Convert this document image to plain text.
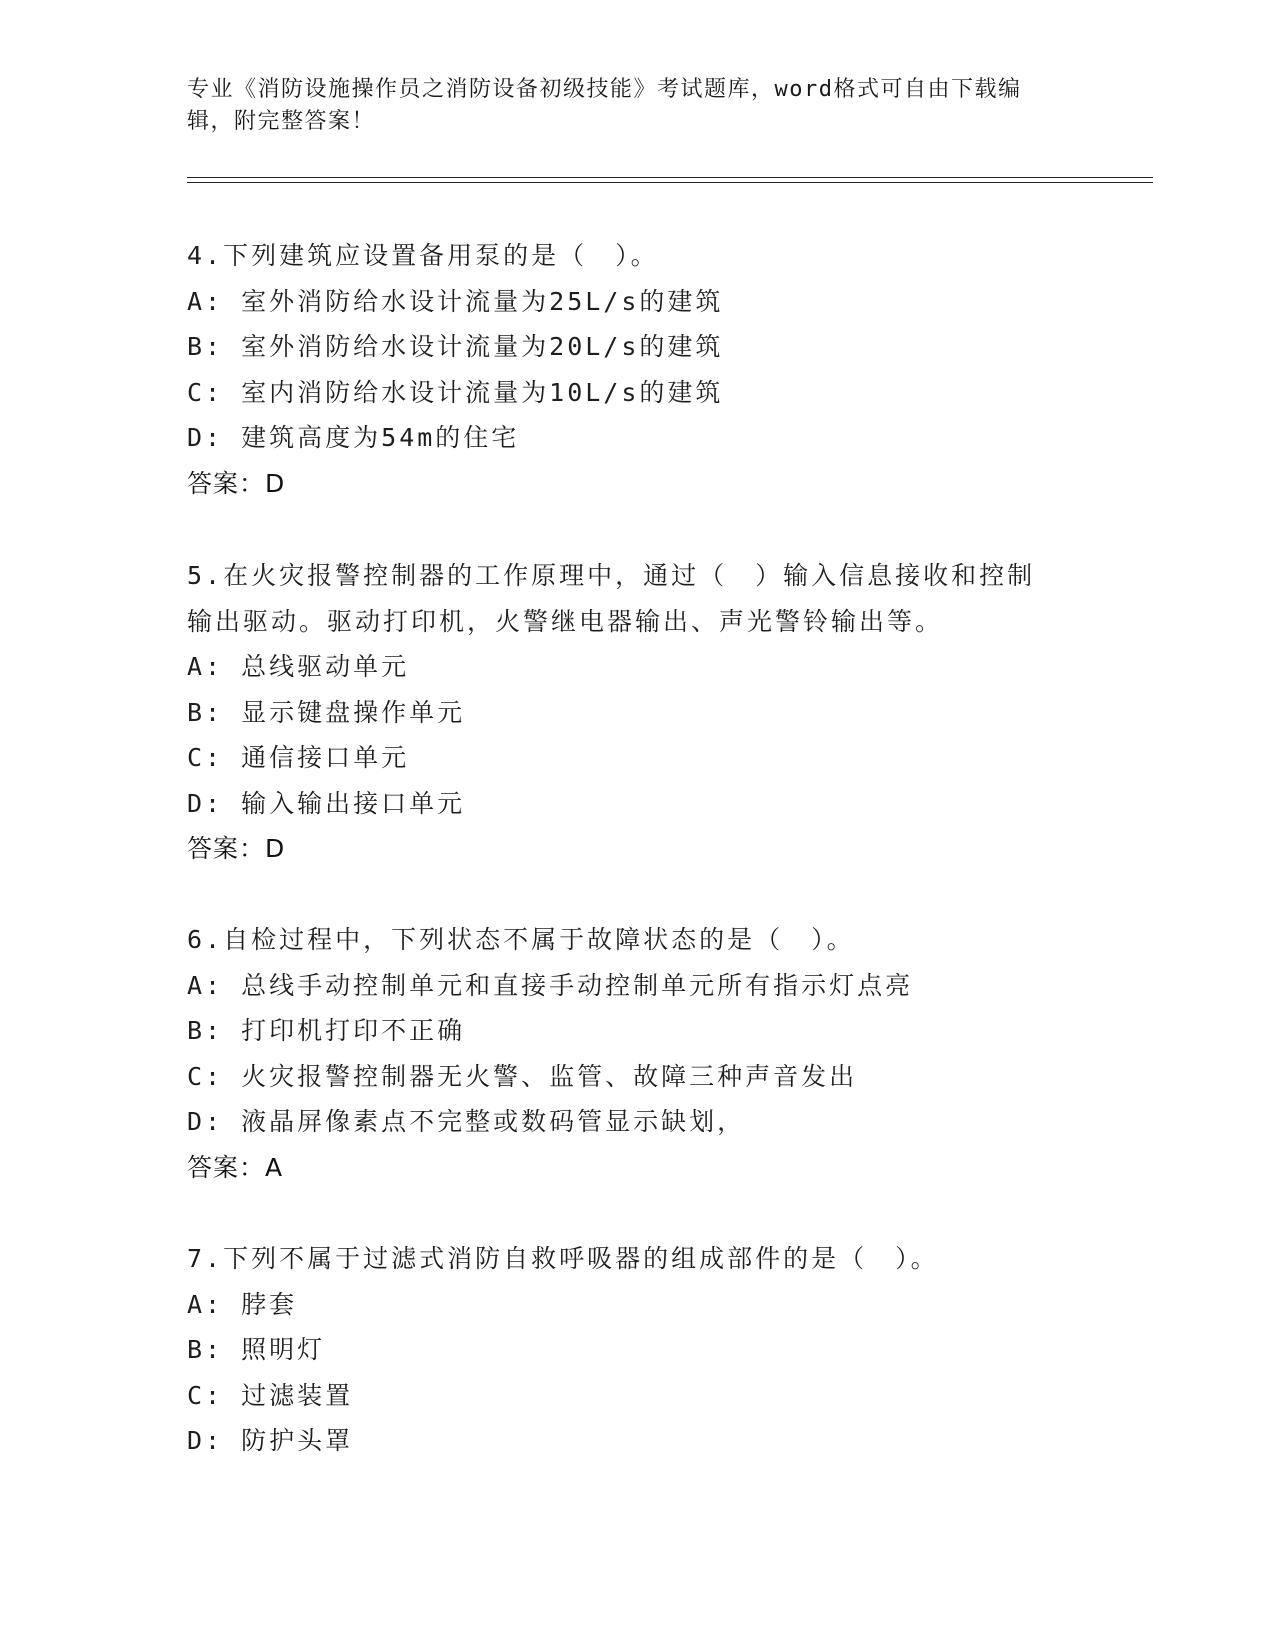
专业《消防设施操作员之消防设备初级技能》考试题库，word格式可自由下载编
辑，附完整答案！
4.下列建筑应设置备用泵的是（　）。
A: 室外消防给水设计流量为25L/s的建筑
B: 室外消防给水设计流量为20L/s的建筑
C: 室内消防给水设计流量为10L/s的建筑
D: 建筑高度为54m的住宅
答案：D
5.在火灾报警控制器的工作原理中，通过（　）输入信息接收和控制
输出驱动。驱动打印机，火警继电器输出、声光警铃输出等。
A: 总线驱动单元
B: 显示键盘操作单元
C: 通信接口单元
D: 输入输出接口单元
答案：D
6.自检过程中，下列状态不属于故障状态的是（　）。
A: 总线手动控制单元和直接手动控制单元所有指示灯点亮
B: 打印机打印不正确
C: 火灾报警控制器无火警、监管、故障三种声音发出
D: 液晶屏像素点不完整或数码管显示缺划，
答案：A
7.下列不属于过滤式消防自救呼吸器的组成部件的是（　）。
A: 脖套
B: 照明灯
C: 过滤装置
D: 防护头罩
